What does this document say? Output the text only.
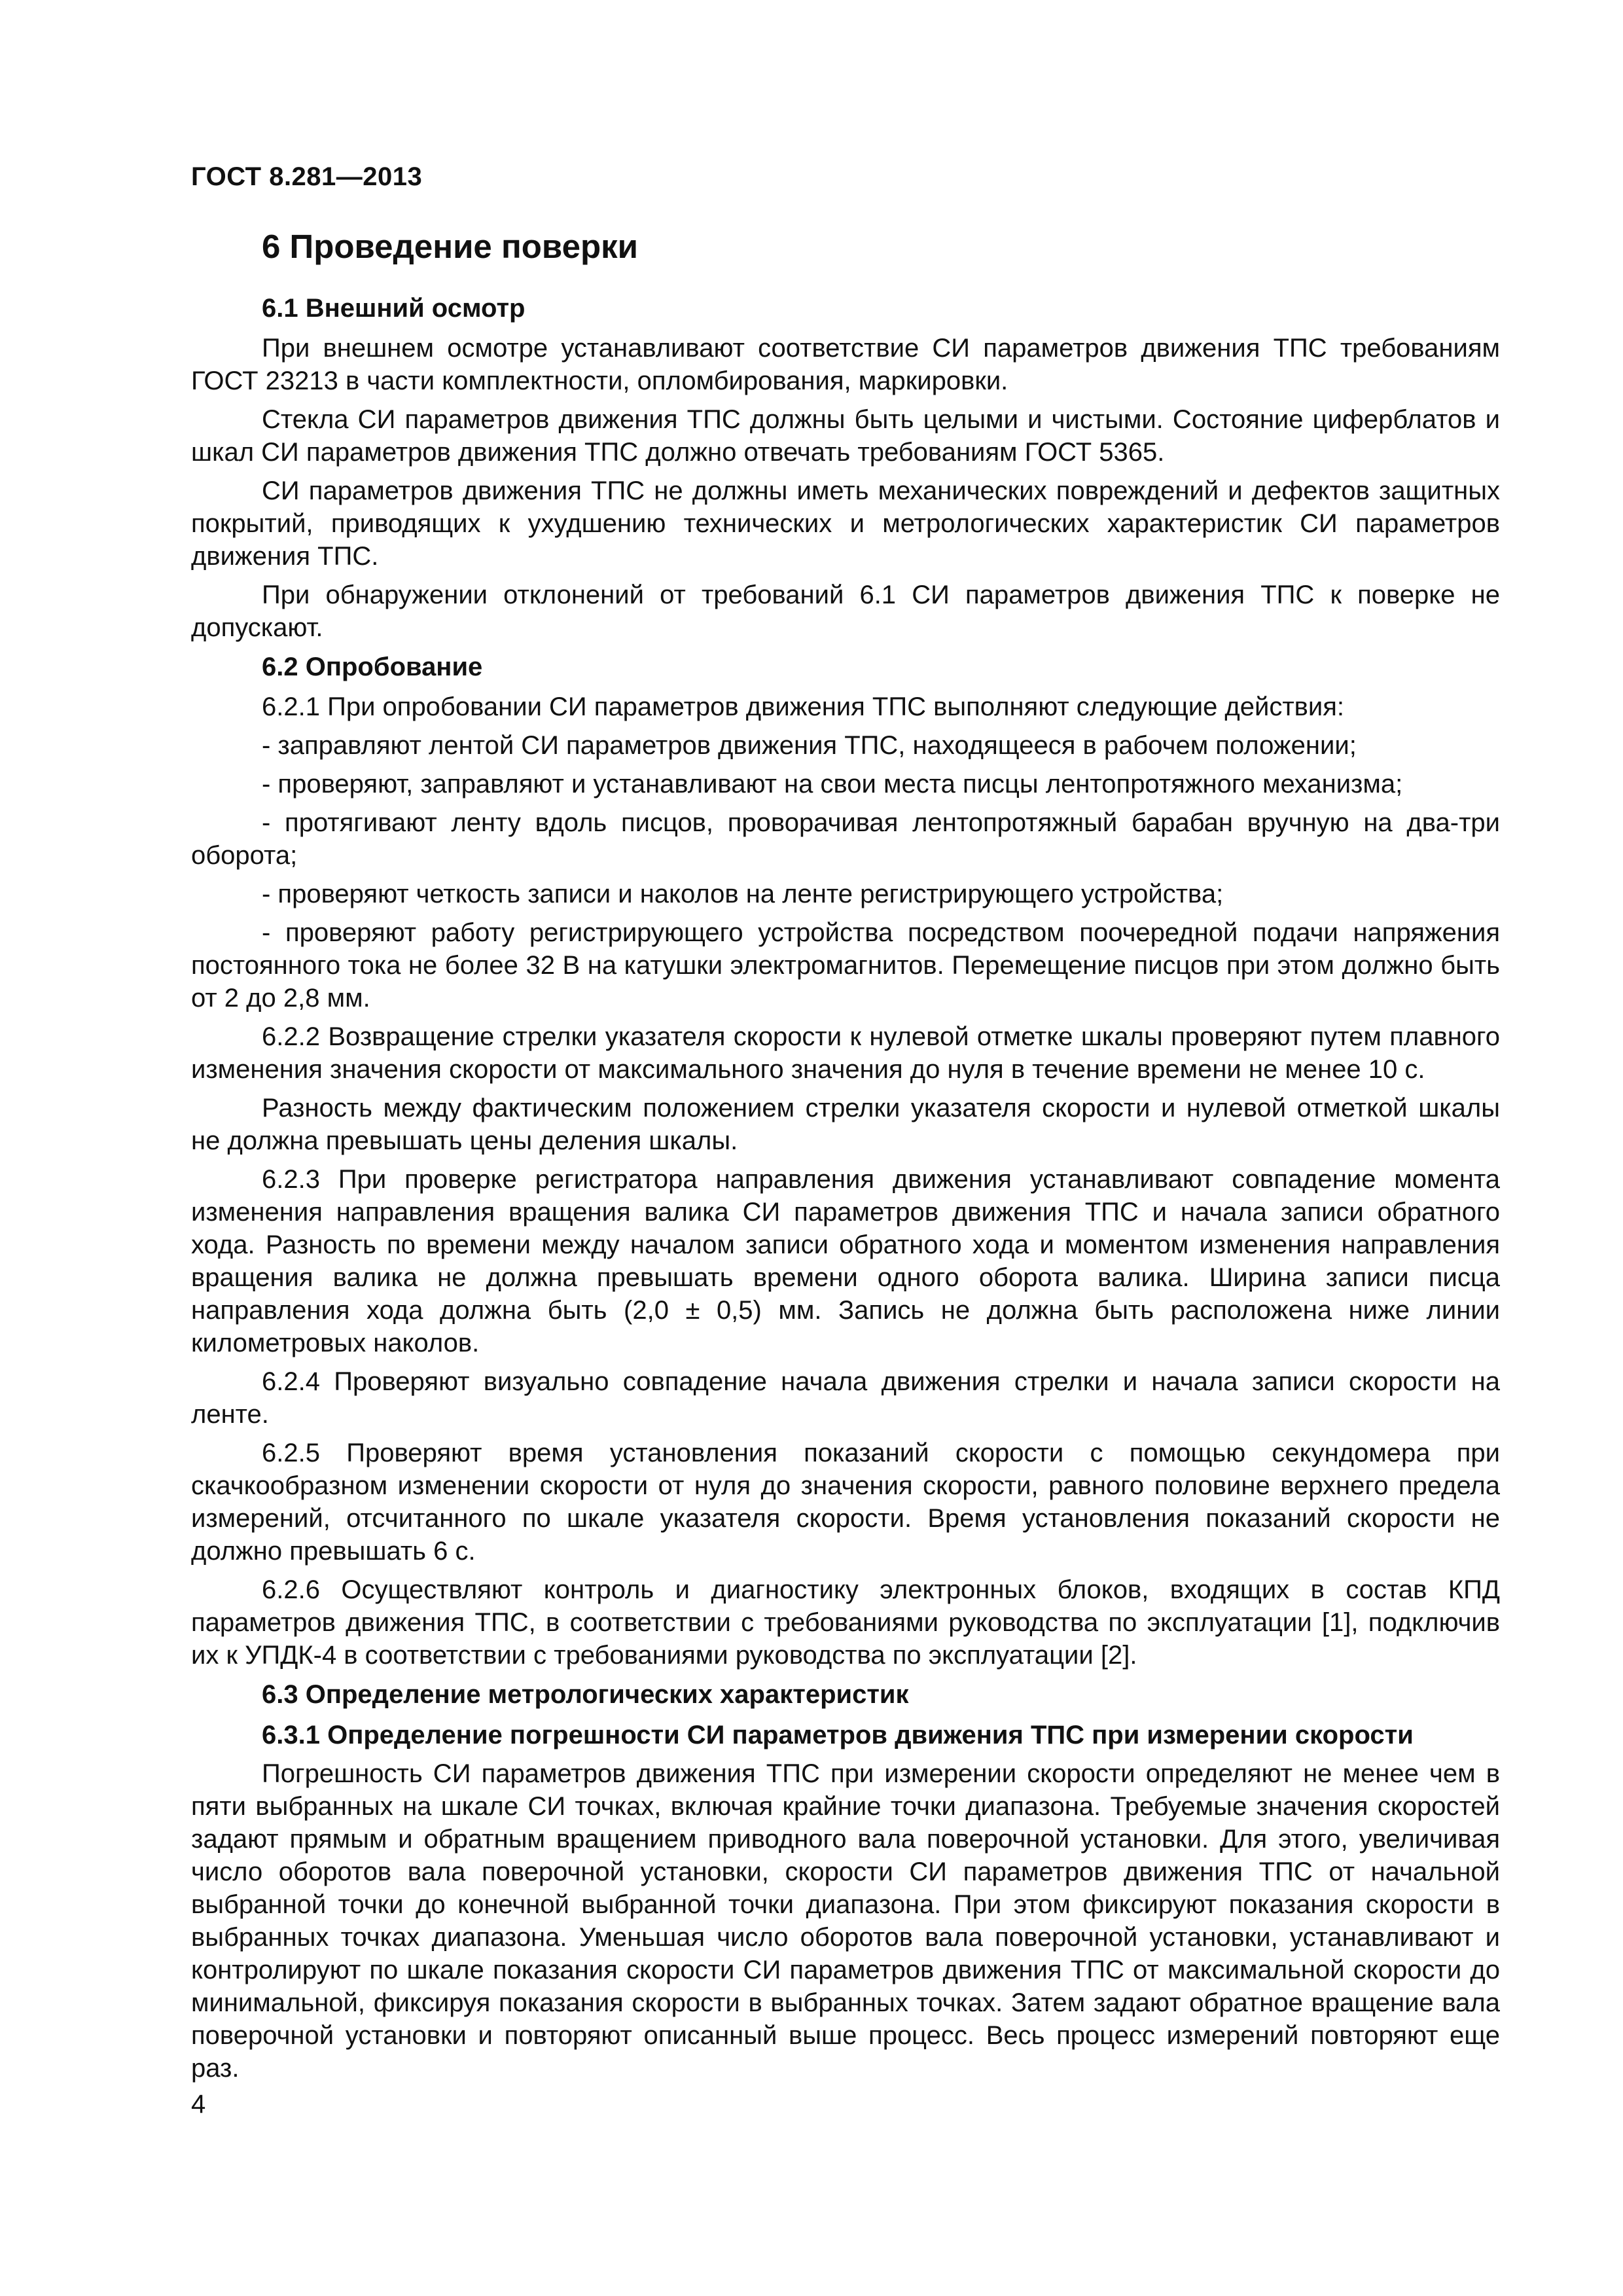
ГОСТ 8.281—2013
6 Проведение поверки
6.1 Внешний осмотр

При внешнем осмотре устанавливают соответствие СИ параметров движения ТПС требованиям ГОСТ 23213 в части комплектности, опломбирования, маркировки.

Стекла СИ параметров движения ТПС должны быть целыми и чистыми. Состояние циферблатов и шкал СИ параметров движения ТПС должно отвечать требованиям ГОСТ 5365.

СИ параметров движения ТПС не должны иметь механических повреждений и дефектов защитных покрытий, приводящих к ухудшению технических и метрологических характеристик СИ параметров движения ТПС.

При обнаружении отклонений от требований 6.1 СИ параметров движения ТПС к поверке не допускают.

6.2 Опробование

6.2.1 При опробовании СИ параметров движения ТПС выполняют следующие действия:

- заправляют лентой СИ параметров движения ТПС, находящееся в рабочем положении;

- проверяют, заправляют и устанавливают на свои места писцы лентопротяжного механизма;

- протягивают ленту вдоль писцов, проворачивая лентопротяжный барабан вручную на два-три оборота;

- проверяют четкость записи и наколов на ленте регистрирующего устройства;

- проверяют работу регистрирующего устройства посредством поочередной подачи напряжения постоянного тока не более 32 В на катушки электромагнитов. Перемещение писцов при этом должно быть от 2 до 2,8 мм.

6.2.2 Возвращение стрелки указателя скорости к нулевой отметке шкалы проверяют путем плавного изменения значения скорости от максимального значения до нуля в течение времени не менее 10 с.

Разность между фактическим положением стрелки указателя скорости и нулевой отметкой шкалы не должна превышать цены деления шкалы.

6.2.3 При проверке регистратора направления движения устанавливают совпадение момента изменения направления вращения валика СИ параметров движения ТПС и начала записи обратного хода. Разность по времени между началом записи обратного хода и моментом изменения направления вращения валика не должна превышать времени одного оборота валика. Ширина записи писца направления хода должна быть (2,0 ± 0,5) мм. Запись не должна быть расположена ниже линии километровых наколов.

6.2.4 Проверяют визуально совпадение начала движения стрелки и начала записи скорости на ленте.

6.2.5 Проверяют время установления показаний скорости с помощью секундомера при скачкообразном изменении скорости от нуля до значения скорости, равного половине верхнего предела измерений, отсчитанного по шкале указателя скорости. Время установления показаний скорости не должно превышать 6 с.

6.2.6 Осуществляют контроль и диагностику электронных блоков, входящих в состав КПД параметров движения ТПС, в соответствии с требованиями руководства по эксплуатации [1], подключив их к УПДК-4 в соответствии с требованиями руководства по эксплуатации [2].

6.3 Определение метрологических характеристик
6.3.1 Определение погрешности СИ параметров движения ТПС при измерении скорости

Погрешность СИ параметров движения ТПС при измерении скорости определяют не менее чем в пяти выбранных на шкале СИ точках, включая крайние точки диапазона. Требуемые значения скоростей задают прямым и обратным вращением приводного вала поверочной установки. Для этого, увеличивая число оборотов вала поверочной установки, скорости СИ параметров движения ТПС от начальной выбранной точки до конечной выбранной точки диапазона. При этом фиксируют показания скорости в выбранных точках диапазона. Уменьшая число оборотов вала поверочной установки, устанавливают и контролируют по шкале показания скорости СИ параметров движения ТПС от максимальной скорости до минимальной, фиксируя показания скорости в выбранных точках. Затем задают обратное вращение вала поверочной установки и повторяют описанный выше процесс. Весь процесс измерений повторяют еще раз.

4
